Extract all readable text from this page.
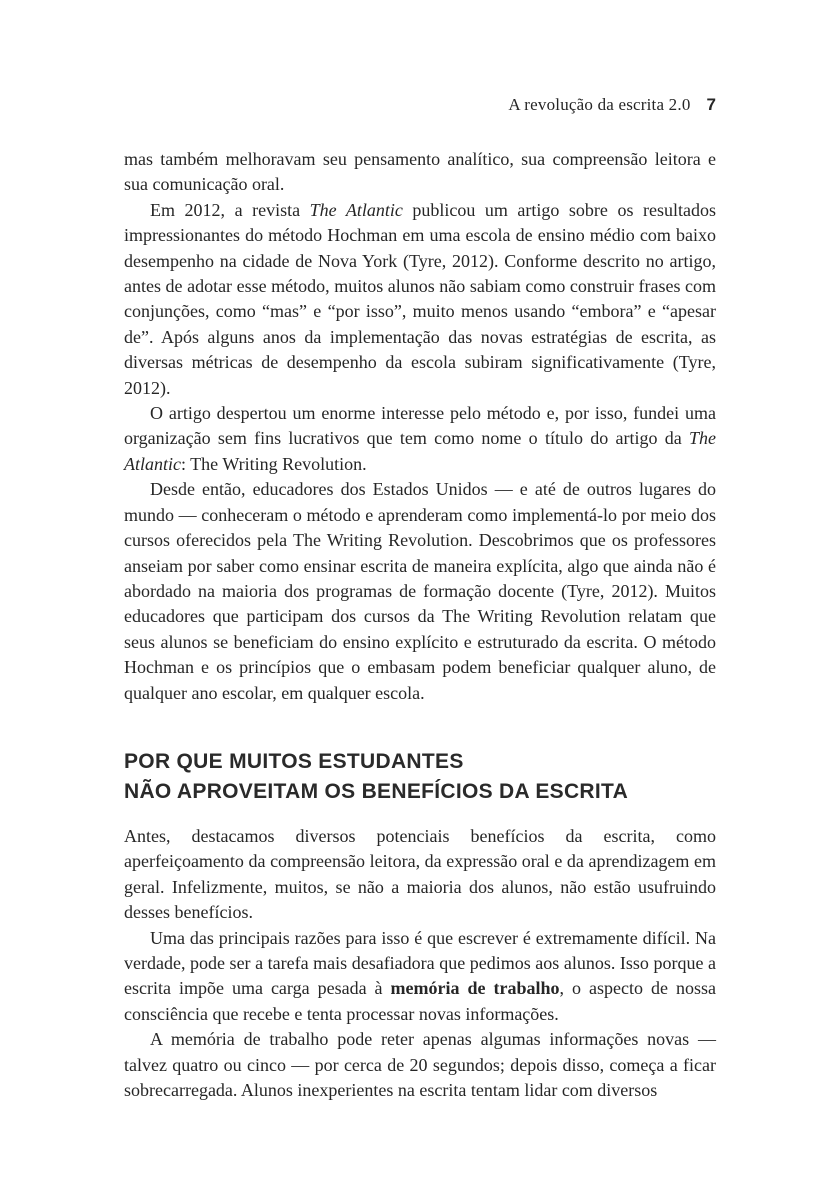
A revolução da escrita 2.0 7

mas também melhoravam seu pensamento analítico, sua compreensão leitora e sua comunicação oral.

Em 2012, a revista The Atlantic publicou um artigo sobre os resultados impressionantes do método Hochman em uma escola de ensino médio com baixo desempenho na cidade de Nova York (Tyre, 2012). Conforme descrito no artigo, antes de adotar esse método, muitos alunos não sabiam como construir frases com conjunções, como “mas” e “por isso”, muito menos usando “embora” e “apesar de”. Após alguns anos da implementação das novas estratégias de escrita, as diversas métricas de desempenho da escola subiram significativamente (Tyre, 2012).

O artigo despertou um enorme interesse pelo método e, por isso, fundei uma organização sem fins lucrativos que tem como nome o título do artigo da The Atlantic: The Writing Revolution.

Desde então, educadores dos Estados Unidos — e até de outros lugares do mundo — conheceram o método e aprenderam como implementá-lo por meio dos cursos oferecidos pela The Writing Revolution. Descobrimos que os professores anseiam por saber como ensinar escrita de maneira explícita, algo que ainda não é abordado na maioria dos programas de formação docente (Tyre, 2012). Muitos educadores que participam dos cursos da The Writing Revolution relatam que seus alunos se beneficiam do ensino explícito e estruturado da escrita. O método Hochman e os princípios que o embasam podem beneficiar qualquer aluno, de qualquer ano escolar, em qualquer escola.

POR QUE MUITOS ESTUDANTES
NÃO APROVEITAM OS BENEFÍCIOS DA ESCRITA

Antes, destacamos diversos potenciais benefícios da escrita, como aperfeiçoamento da compreensão leitora, da expressão oral e da aprendizagem em geral. Infelizmente, muitos, se não a maioria dos alunos, não estão usufruindo desses benefícios.

Uma das principais razões para isso é que escrever é extremamente difícil. Na verdade, pode ser a tarefa mais desafiadora que pedimos aos alunos. Isso porque a escrita impõe uma carga pesada à memória de trabalho, o aspecto de nossa consciência que recebe e tenta processar novas informações.

A memória de trabalho pode reter apenas algumas informações novas — talvez quatro ou cinco — por cerca de 20 segundos; depois disso, começa a ficar sobrecarregada. Alunos inexperientes na escrita tentam lidar com diversos
